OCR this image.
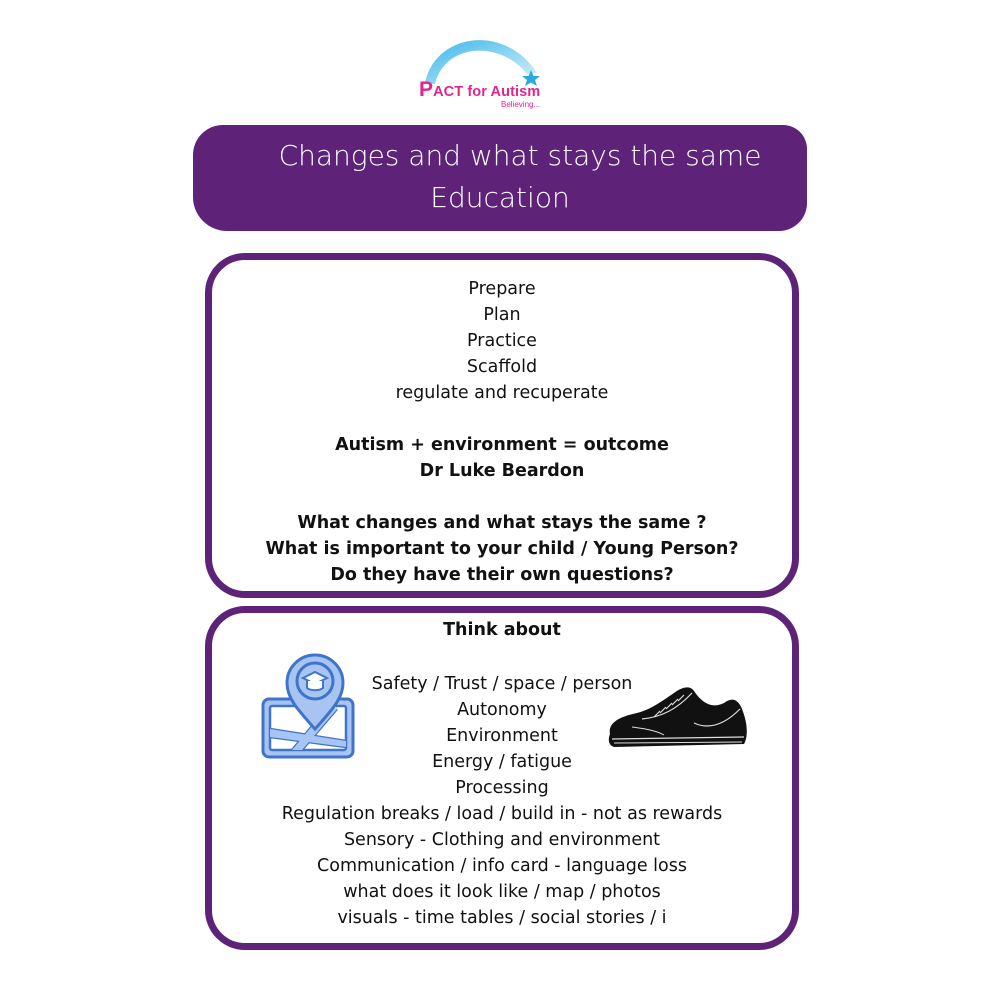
PACT for Autism
Believing...
Changes and what stays the same
Education
Prepare
Plan
Practice
Scaffold
regulate and recuperate
Autism + environment = outcome
Dr Luke Beardon
What changes and what stays the same ?
What is important to your child / Young Person?
Do they have their own questions?
Think about
Safety / Trust / space / person
Autonomy
Environment
Energy / fatigue
Processing
Regulation breaks / load / build in - not as rewards
Sensory - Clothing and environment
Communication / info card - language loss
what does it look like / map / photos
visuals - time tables / social stories / i
